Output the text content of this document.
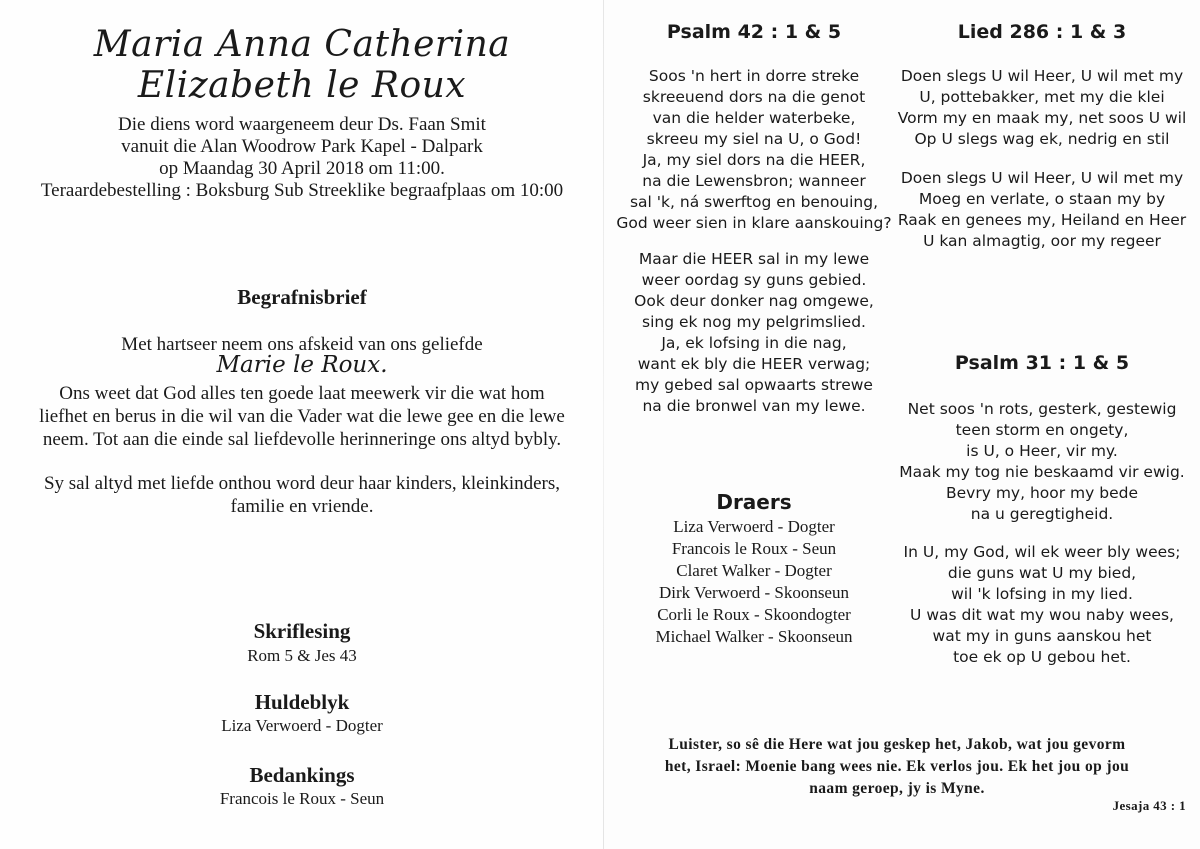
Maria Anna Catherina Elizabeth le Roux
Die diens word waargeneem deur Ds. Faan Smit
vanuit die Alan Woodrow Park Kapel - Dalpark
op Maandag 30 April 2018 om 11:00.
Teraardebestelling : Boksburg Sub Streeklike begraafplaas om 10:00
Begrafnisbrief
Met hartseer neem ons afskeid van ons geliefde
Marie le Roux.
Ons weet dat God alles ten goede laat meewerk vir die wat hom
liefhet en berus in die wil van die Vader wat die lewe gee en die lewe
neem. Tot aan die einde sal liefdevolle herinneringe ons altyd bybly.
Sy sal altyd met liefde onthou word deur haar kinders, kleinkinders,
familie en vriende.
Skriflesing
Rom 5 & Jes 43
Huldeblyk
Liza Verwoerd - Dogter
Bedankings
Francois le Roux - Seun
Psalm 42 : 1 & 5
Soos 'n hert in dorre streke
skreeuend dors na die genot
van die helder waterbeke,
skreeu my siel na U, o God!
Ja, my siel dors na die HEER,
na die Lewensbron; wanneer
sal 'k, ná swerftog en benouing,
God weer sien in klare aanskouing?
Maar die HEER sal in my lewe
weer oordag sy guns gebied.
Ook deur donker nag omgewe,
sing ek nog my pelgrimslied.
Ja, ek lofsing in die nag,
want ek bly die HEER verwag;
my gebed sal opwaarts strewe
na die bronwel van my lewe.
Lied 286 : 1 & 3
Doen slegs U wil Heer, U wil met my
U, pottebakker, met my die klei
Vorm my en maak my, net soos U wil
Op U slegs wag ek, nedrig en stil
Doen slegs U wil Heer, U wil met my
Moeg en verlate, o staan my by
Raak en genees my, Heiland en Heer
U kan almagtig, oor my regeer
Psalm 31 : 1 & 5
Net soos 'n rots, gesterk, gestewig
teen storm en ongety,
is U, o Heer, vir my.
Maak my tog nie beskaamd vir ewig.
Bevry my, hoor my bede
na u geregtigheid.
In U, my God, wil ek weer bly wees;
die guns wat U my bied,
wil 'k lofsing in my lied.
U was dit wat my wou naby wees,
wat my in guns aanskou het
toe ek op U gebou het.
Draers
Liza Verwoerd - Dogter
Francois le Roux - Seun
Claret Walker - Dogter
Dirk Verwoerd - Skoonseun
Corli le Roux - Skoondogter
Michael Walker - Skoonseun
Luister, so sê die Here wat jou geskep het, Jakob, wat jou gevorm
het, Israel: Moenie bang wees nie. Ek verlos jou. Ek het jou op jou
naam geroep, jy is Myne.
Jesaja 43 : 1
